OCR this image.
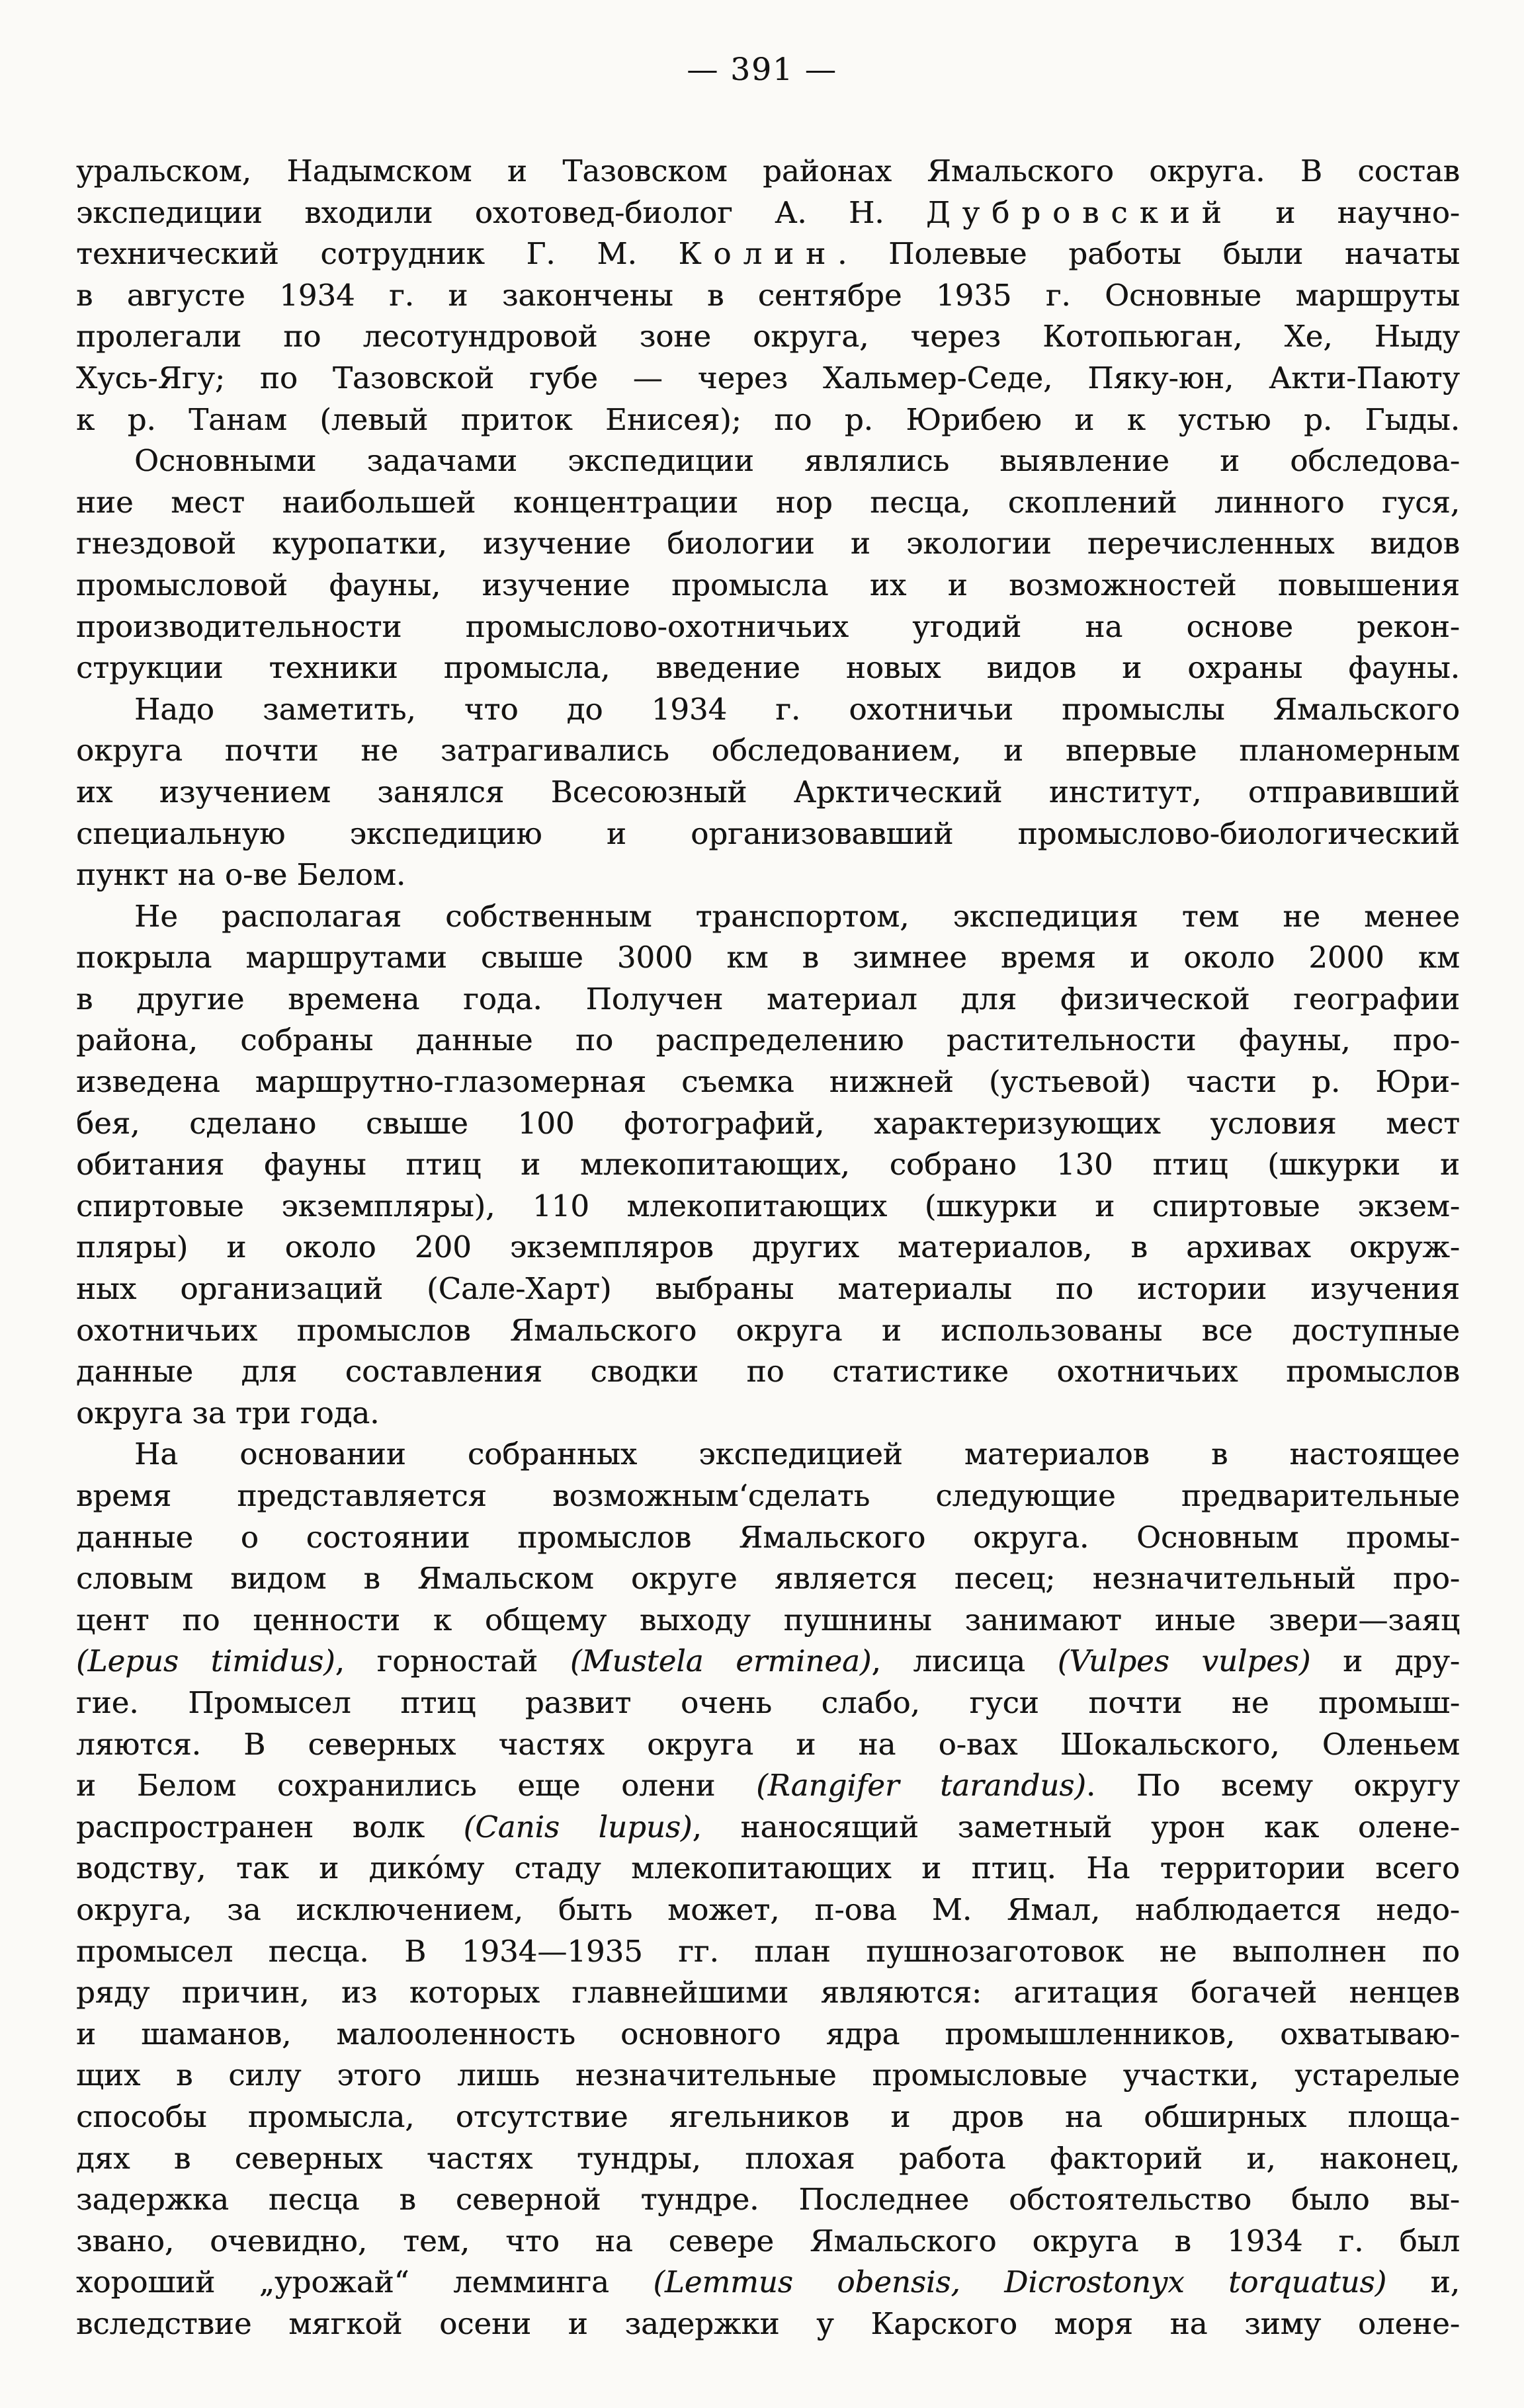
— 391 —
уральском, Надымском и Тазовском районах Ямальского округа. В состав
экспедиции входили охотовед-биолог А. Н. Дубровский и научно-
технический сотрудник Г. М. Колин. Полевые работы были начаты
в августе 1934 г. и закончены в сентябре 1935 г. Основные маршруты
пролегали по лесотундровой зоне округа, через Котопьюган, Хе, Ныду
Хусь-Ягу; по Тазовской губе — через Хальмер-Седе, Пяку-юн, Акти-Паюту
к р. Танам (левый приток Енисея); по р. Юрибею и к устью р. Гыды.
Основными задачами экспедиции являлись выявление и обследова-
ние мест наибольшей концентрации нор песца, скоплений линного гуся,
гнездовой куропатки, изучение биологии и экологии перечисленных видов
промысловой фауны, изучение промысла их и возможностей повышения
производительности промыслово-охотничьих угодий на основе рекон-
струкции техники промысла, введение новых видов и охраны фауны.
Надо заметить, что до 1934 г. охотничьи промыслы Ямальского
округа почти не затрагивались обследованием, и впервые планомерным
их изучением занялся Всесоюзный Арктический институт, отправивший
специальную экспедицию и организовавший промыслово-биологический
пункт на о-ве Белом.
Не располагая собственным транспортом, экспедиция тем не менее
покрыла маршрутами свыше 3000 км в зимнее время и около 2000 км
в другие времена года. Получен материал для физической географии
района, собраны данные по распределению растительности фауны, про-
изведена маршрутно-глазомерная съемка нижней (устьевой) части р. Юри-
бея, сделано свыше 100 фотографий, характеризующих условия мест
обитания фауны птиц и млекопитающих, собрано 130 птиц (шкурки и
спиртовые экземпляры), 110 млекопитающих (шкурки и спиртовые экзем-
пляры) и около 200 экземпляров других материалов, в архивах окруж-
ных организаций (Сале-Харт) выбраны материалы по истории изучения
охотничьих промыслов Ямальского округа и использованы все доступные
данные для составления сводки по статистике охотничьих промыслов
округа за три года.
На основании собранных экспедицией материалов в настоящее
время представляется возможным‘сделать следующие предварительные
данные о состоянии промыслов Ямальского округа. Основным промы-
словым видом в Ямальском округе является песец; незначительный про-
цент по ценности к общему выходу пушнины занимают иные звери—заяц
(Lepus timidus), горностай (Mustela erminea), лисица (Vulpes vulpes) и дру-
гие. Промысел птиц развит очень слабо, гуси почти не промыш-
ляются. В северных частях округа и на о-вах Шокальского, Оленьем
и Белом сохранились еще олени (Rangifer tarandus). По всему округу
распространен волк (Canis lupus), наносящий заметный урон как олене-
водству, так и дико́му стаду млекопитающих и птиц. На территории всего
округа, за исключением, быть может, п-ова М. Ямал, наблюдается недо-
промысел песца. В 1934—1935 гг. план пушнозаготовок не выполнен по
ряду причин, из которых главнейшими являются: агитация богачей ненцев
и шаманов, малооленность основного ядра промышленников, охватываю-
щих в силу этого лишь незначительные промысловые участки, устарелые
способы промысла, отсутствие ягельников и дров на обширных площа-
дях в северных частях тундры, плохая работа факторий и, наконец,
задержка песца в северной тундре. Последнее обстоятельство было вы-
звано, очевидно, тем, что на севере Ямальского округа в 1934 г. был
хороший „урожай“ лемминга (Lemmus obensis, Dicrostonyx torquatus) и,
вследствие мягкой осени и задержки у Карского моря на зиму олене-
